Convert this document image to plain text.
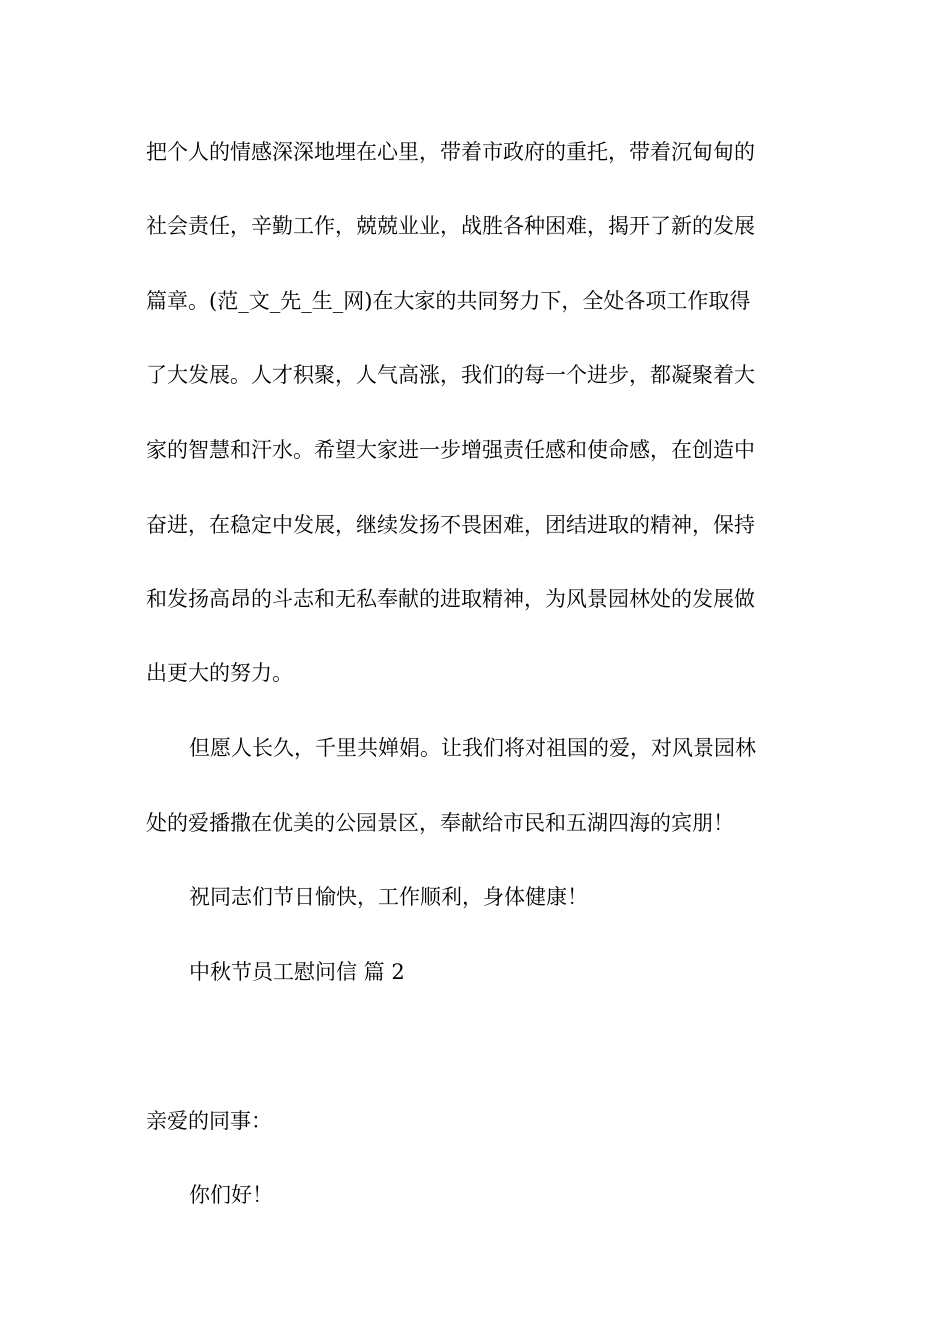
把个人的情感深深地埋在心里，带着市政府的重托，带着沉甸甸的

社会责任，辛勤工作，兢兢业业，战胜各种困难，揭开了新的发展

篇章。(范_文_先_生_网)在大家的共同努力下，全处各项工作取得

了大发展。人才积聚，人气高涨，我们的每一个进步，都凝聚着大

家的智慧和汗水。希望大家进一步增强责任感和使命感，在创造中

奋进，在稳定中发展，继续发扬不畏困难，团结进取的精神，保持

和发扬高昂的斗志和无私奉献的进取精神，为风景园林处的发展做

出更大的努力。

但愿人长久，千里共婵娟。让我们将对祖国的爱，对风景园林

处的爱播撒在优美的公园景区，奉献给市民和五湖四海的宾朋！

祝同志们节日愉快，工作顺利，身体健康！

中秋节员工慰问信 篇 2

亲爱的同事：

你们好！
